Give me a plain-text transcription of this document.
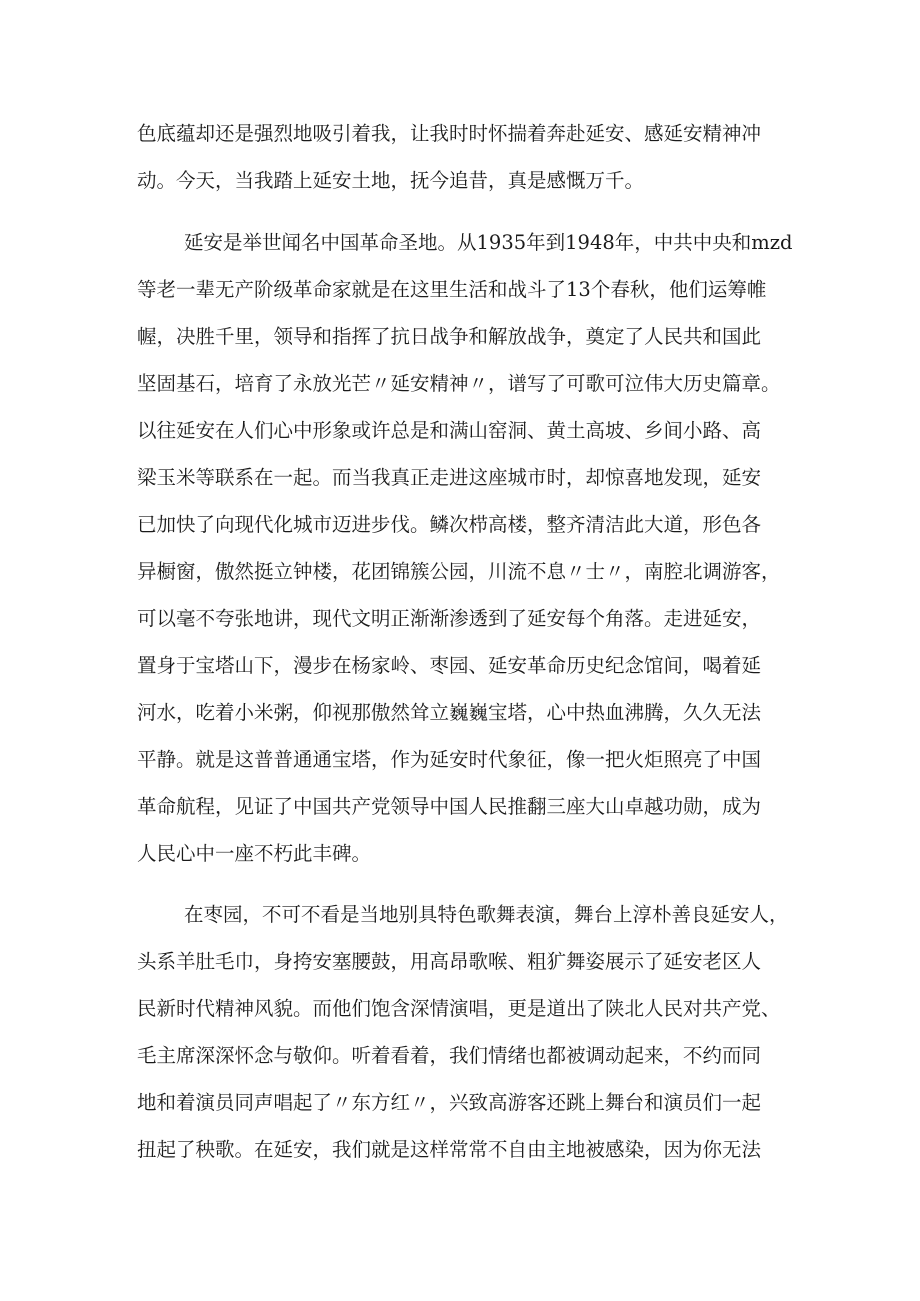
色底蕴却还是强烈地吸引着我，让我时时怀揣着奔赴延安、感延安精神冲
动。今天，当我踏上延安土地，抚今追昔，真是感慨万千。
延安是举世闻名中国革命圣地。从1935年到1948年，中共中央和mzd
等老一辈无产阶级革命家就是在这里生活和战斗了13个春秋，他们运筹帷
幄，决胜千里，领导和指挥了抗日战争和解放战争，奠定了人民共和国此
坚固基石，培育了永放光芒〃延安精神〃，谱写了可歌可泣伟大历史篇章。
以往延安在人们心中形象或许总是和满山窑洞、黄土高坡、乡间小路、高
梁玉米等联系在一起。而当我真正走进这座城市时，却惊喜地发现，延安
已加快了向现代化城市迈进步伐。鳞次栉高楼，整齐清洁此大道，形色各
异橱窗，傲然挺立钟楼，花团锦簇公园，川流不息〃士〃，南腔北调游客，
可以毫不夸张地讲，现代文明正渐渐渗透到了延安每个角落。走进延安，
置身于宝塔山下，漫步在杨家岭、枣园、延安革命历史纪念馆间，喝着延
河水，吃着小米粥，仰视那傲然耸立巍巍宝塔，心中热血沸腾，久久无法
平静。就是这普普通通宝塔，作为延安时代象征，像一把火炬照亮了中国
革命航程，见证了中国共产党领导中国人民推翻三座大山卓越功勋，成为
人民心中一座不朽此丰碑。
在枣园，不可不看是当地别具特色歌舞表演，舞台上淳朴善良延安人，
头系羊肚毛巾，身挎安塞腰鼓，用高昂歌喉、粗犷舞姿展示了延安老区人
民新时代精神风貌。而他们饱含深情演唱，更是道出了陕北人民对共产党、
毛主席深深怀念与敬仰。听着看着，我们情绪也都被调动起来，不约而同
地和着演员同声唱起了〃东方红〃，兴致高游客还跳上舞台和演员们一起
扭起了秧歌。在延安，我们就是这样常常不自由主地被感染，因为你无法
